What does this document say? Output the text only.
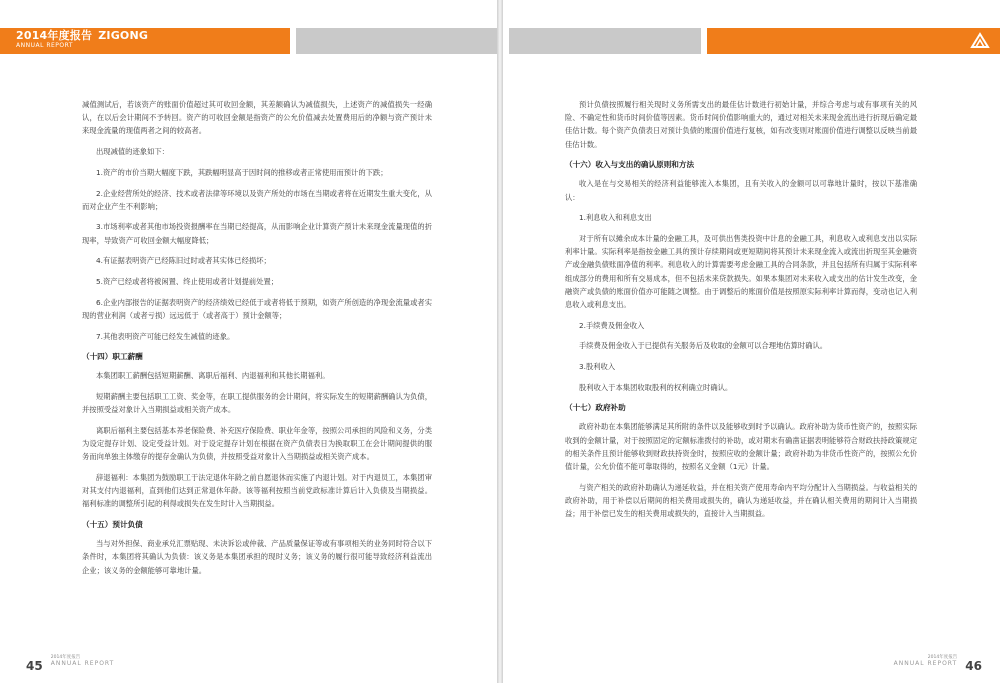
2014年度报告 ZIGONG
ANNUAL REPORT

减值测试后，若该资产的账面价值超过其可收回金额，其差额确认为减值损失，上述资产的减值损失一经确认，在以后会计期间不予转回。资产的可收回金额是指资产的公允价值减去处置费用后的净额与资产预计未来现金流量的现值两者之间的较高者。

出现减值的迹象如下：

1.资产的市价当期大幅度下跌，其跌幅明显高于因时间的推移或者正常使用而预计的下跌；

2.企业经营所处的经济、技术或者法律等环境以及资产所处的市场在当期或者将在近期发生重大变化，从而对企业产生不利影响；

3.市场利率或者其他市场投资报酬率在当期已经提高，从而影响企业计算资产预计未来现金流量现值的折现率，导致资产可收回金额大幅度降低；

4.有证据表明资产已经陈旧过时或者其实体已经损坏；

5.资产已经或者将被闲置、终止使用或者计划提前处置；

6.企业内部报告的证据表明资产的经济绩效已经低于或者将低于预期，如资产所创造的净现金流量或者实现的营业利润（或者亏损）远远低于（或者高于）预计金额等；

7.其他表明资产可能已经发生减值的迹象。

（十四）职工薪酬

本集团职工薪酬包括短期薪酬、离职后福利、内退福利和其他长期福利。

短期薪酬主要包括职工工资、奖金等，在职工提供服务的会计期间，将实际发生的短期薪酬确认为负债，并按照受益对象计入当期损益或相关资产成本。

离职后福利主要包括基本养老保险费、补充医疗保险费、职业年金等，按照公司承担的风险和义务，分类为设定提存计划、设定受益计划。对于设定提存计划在根据在资产负债表日为换取职工在会计期间提供的服务而向单独主体缴存的提存金确认为负债，并按照受益对象计入当期损益或相关资产成本。

辞退福利：本集团为鼓励职工于法定退休年龄之前自愿退休而实施了内退计划。对于内退员工，本集团审对其支付内退福利，直到他们达到正常退休年龄。该等福利按照当前党政标准计算后计入负债及当期损益。福利标准的调整所引起的利得或损失在发生时计入当期损益。

（十五）预计负债

当与对外担保、商业承兑汇票贴现、未决诉讼或仲裁、产品质量保证等或有事项相关的业务同时符合以下条件时，本集团将其确认为负债：该义务是本集团承担的现时义务；该义务的履行很可能导致经济利益流出企业；该义务的金额能够可靠地计量。

45
2014年度报告
ANNUAL REPORT

预计负债按照履行相关现时义务所需支出的最佳估计数进行初始计量，并综合考虑与或有事项有关的风险、不确定性和货币时间价值等因素。货币时间价值影响重大的，通过对相关未来现金流出进行折现后确定最佳估计数。每个资产负债表日对预计负债的账面价值进行复核，如有改变则对账面价值进行调整以反映当前最佳估计数。

（十六）收入与支出的确认原则和方法

收入是在与交易相关的经济利益能够流入本集团，且有关收入的金额可以可靠地计量时，按以下基准确认：

1.利息收入和利息支出

对于所有以摊余成本计量的金融工具，及可供出售类投资中计息的金融工具，利息收入或利息支出以实际利率计量。实际利率是指按金融工具的预计存续期间或更短期间将其预计未来现金流入或流出折现至其金融资产或金融负债账面净值的利率。利息收入的计算需要考虑金融工具的合同条款，并且包括所有归属于实际利率组成部分的费用和所有交易成本，但不包括未来贷款损失。如果本集团对未来收入或支出的估计发生改变，金融资产或负债的账面价值亦可能随之调整。由于调整后的账面价值是按照原实际利率计算而得，变动也记入利息收入或利息支出。

2.手续费及佣金收入

手续费及佣金收入于已提供有关服务后及收取的金额可以合理地估算时确认。

3.股利收入

股利收入于本集团收取股利的权利确立时确认。

（十七）政府补助

政府补助在本集团能够满足其所附的条件以及能够收到时予以确认。政府补助为货币性资产的，按照实际收到的金额计量，对于按照固定的定额标准拨付的补助，或对期末有确凿证据表明能够符合财政扶持政策规定的相关条件且预计能够收到财政扶持资金时，按照应收的金额计量；政府补助为非货币性资产的，按照公允价值计量，公允价值不能可靠取得的，按照名义金额（1元）计量。

与资产相关的政府补助确认为递延收益，并在相关资产使用寿命内平均分配计入当期损益。与收益相关的政府补助，用于补偿以后期间的相关费用或损失的，确认为递延收益，并在确认相关费用的期间计入当期损益；用于补偿已发生的相关费用或损失的，直接计入当期损益。

2014年度报告
ANNUAL REPORT 46
